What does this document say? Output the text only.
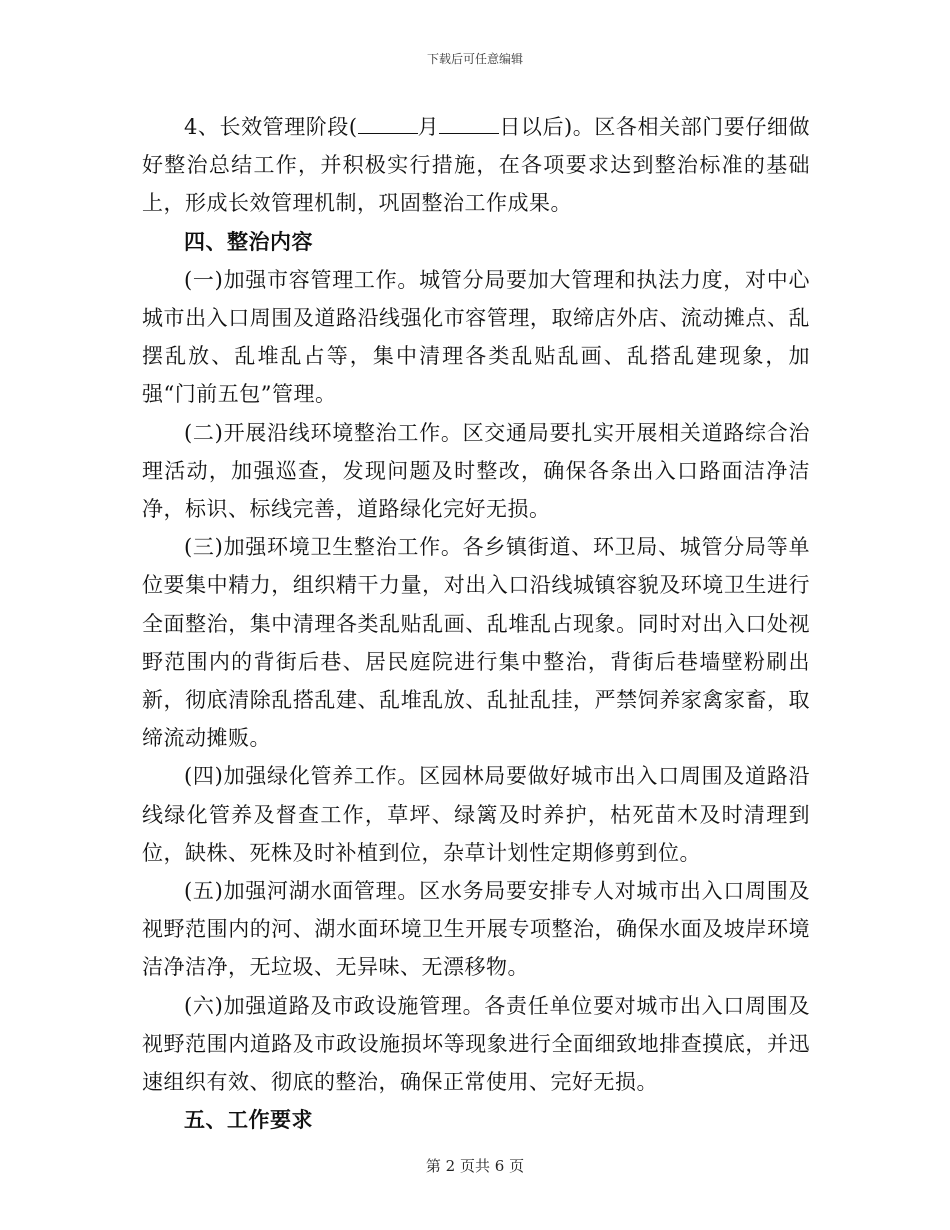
下载后可任意编辑

4、长效管理阶段(	月	日以后)。区各相关部门要仔细做好整治总结工作，并积极实行措施，在各项要求达到整治标准的基础上，形成长效管理机制，巩固整治工作成果。

四、整治内容

(一)加强市容管理工作。城管分局要加大管理和执法力度，对中心城市出入口周围及道路沿线强化市容管理，取缔店外店、流动摊点、乱摆乱放、乱堆乱占等，集中清理各类乱贴乱画、乱搭乱建现象，加强“门前五包”管理。

(二)开展沿线环境整治工作。区交通局要扎实开展相关道路综合治理活动，加强巡查，发现问题及时整改，确保各条出入口路面洁净洁净，标识、标线完善，道路绿化完好无损。

(三)加强环境卫生整治工作。各乡镇街道、环卫局、城管分局等单位要集中精力，组织精干力量，对出入口沿线城镇容貌及环境卫生进行全面整治，集中清理各类乱贴乱画、乱堆乱占现象。同时对出入口处视野范围内的背街后巷、居民庭院进行集中整治，背街后巷墙壁粉刷出新，彻底清除乱搭乱建、乱堆乱放、乱扯乱挂，严禁饲养家禽家畜，取缔流动摊贩。

(四)加强绿化管养工作。区园林局要做好城市出入口周围及道路沿线绿化管养及督查工作，草坪、绿篱及时养护，枯死苗木及时清理到位，缺株、死株及时补植到位，杂草计划性定期修剪到位。

(五)加强河湖水面管理。区水务局要安排专人对城市出入口周围及视野范围内的河、湖水面环境卫生开展专项整治，确保水面及坡岸环境洁净洁净，无垃圾、无异味、无漂移物。

(六)加强道路及市政设施管理。各责任单位要对城市出入口周围及视野范围内道路及市政设施损坏等现象进行全面细致地排查摸底，并迅速组织有效、彻底的整治，确保正常使用、完好无损。

五、工作要求

第 2 页共 6 页
